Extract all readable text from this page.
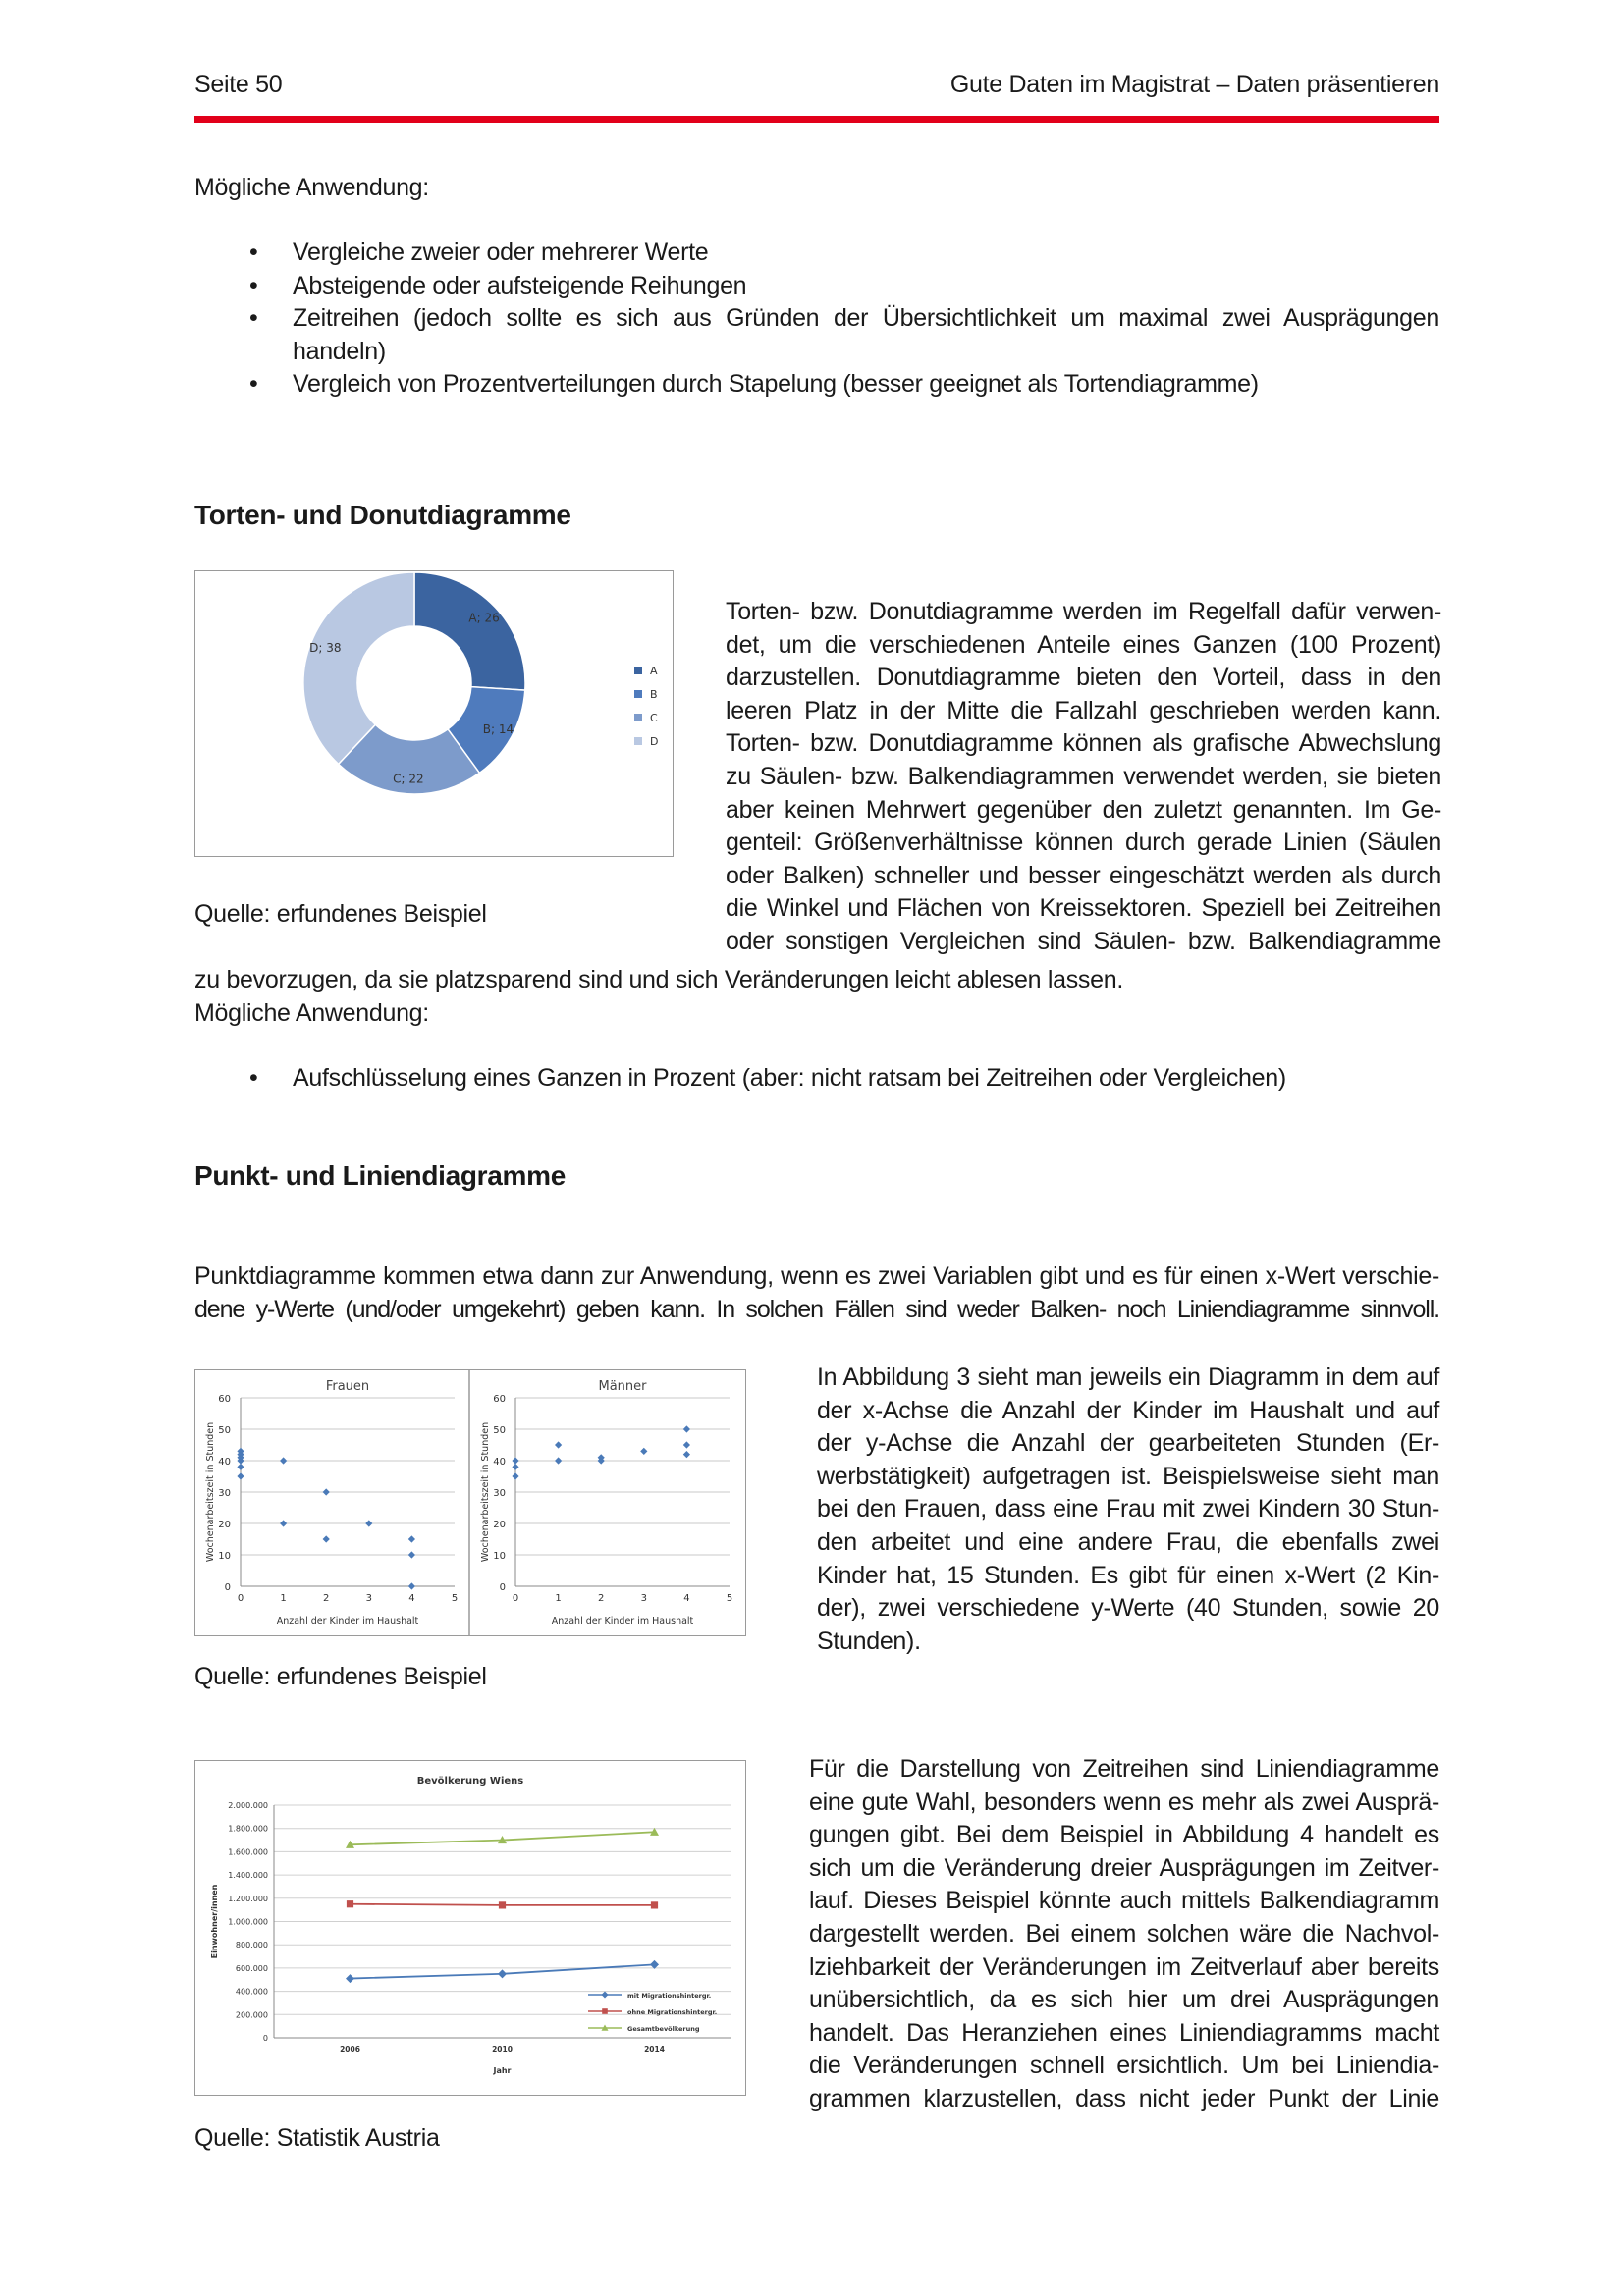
Seite 50	Gute Daten im Magistrat – Daten präsentieren
Mögliche Anwendung:
• Vergleiche zweier oder mehrerer Werte
• Absteigende oder aufsteigende Reihungen
• Zeitreihen (jedoch sollte es sich aus Gründen der Übersichtlichkeit um maximal zwei Ausprägungen handeln)
• Vergleich von Prozentverteilungen durch Stapelung (besser geeignet als Tortendiagramme)
Torten- und Donutdiagramme
A; 26
B; 14
C; 22
D; 38
A
B
C
D
Quelle: erfundenes Beispiel
Torten- bzw. Donutdiagramme werden im Regelfall dafür verwen-
det, um die verschiedenen Anteile eines Ganzen (100 Prozent)
darzustellen. Donutdiagramme bieten den Vorteil, dass in den
leeren Platz in der Mitte die Fallzahl geschrieben werden kann.
Torten- bzw. Donutdiagramme können als grafische Abwechslung
zu Säulen- bzw. Balkendiagrammen verwendet werden, sie bieten
aber keinen Mehrwert gegenüber den zuletzt genannten. Im Ge-
genteil: Größenverhältnisse können durch gerade Linien (Säulen
oder Balken) schneller und besser eingeschätzt werden als durch
die Winkel und Flächen von Kreissektoren. Speziell bei Zeitreihen
oder sonstigen Vergleichen sind Säulen- bzw. Balkendiagramme
zu bevorzugen, da sie platzsparend sind und sich Veränderungen leicht ablesen lassen.
Mögliche Anwendung:
• Aufschlüsselung eines Ganzen in Prozent (aber: nicht ratsam bei Zeitreihen oder Vergleichen)
Punkt- und Liniendiagramme
Punktdiagramme kommen etwa dann zur Anwendung, wenn es zwei Variablen gibt und es für einen x-Wert verschie-
dene y-Werte (und/oder umgekehrt) geben kann. In solchen Fällen sind weder Balken- noch Liniendiagramme sinnvoll.
Frauen
0
10
20
30
40
50
60
0	1	2	3	4	5
Anzahl der Kinder im Haushalt
Wochenarbeitszeit in Stunden
Männer
0
10
20
30
40
50
60
0	1	2	3	4	5
Anzahl der Kinder im Haushalt
Wochenarbeitszeit in Stunden
Quelle: erfundenes Beispiel
In Abbildung 3 sieht man jeweils ein Diagramm in dem auf
der x-Achse die Anzahl der Kinder im Haushalt und auf
der y-Achse die Anzahl der gearbeiteten Stunden (Er-
werbstätigkeit) aufgetragen ist. Beispielsweise sieht man
bei den Frauen, dass eine Frau mit zwei Kindern 30 Stun-
den arbeitet und eine andere Frau, die ebenfalls zwei
Kinder hat, 15 Stunden. Es gibt für einen x-Wert (2 Kin-
der), zwei verschiedene y-Werte (40 Stunden, sowie 20
Stunden).
Bevölkerung Wiens
0
200.000
400.000
600.000
800.000
1.000.000
1.200.000
1.400.000
1.600.000
1.800.000
2.000.000
2006	2010	2014
Jahr
Einwohner/innen
mit Migrationshintergr.
ohne Migrationshintergr.
Gesamtbevölkerung
Quelle: Statistik Austria
Für die Darstellung von Zeitreihen sind Liniendiagramme
eine gute Wahl, besonders wenn es mehr als zwei Ausprä-
gungen gibt. Bei dem Beispiel in Abbildung 4 handelt es
sich um die Veränderung dreier Ausprägungen im Zeitver-
lauf. Dieses Beispiel könnte auch mittels Balkendiagramm
dargestellt werden. Bei einem solchen wäre die Nachvol-
lziehbarkeit der Veränderungen im Zeitverlauf aber bereits
unübersichtlich, da es sich hier um drei Ausprägungen
handelt. Das Heranziehen eines Liniendiagramms macht
die Veränderungen schnell ersichtlich. Um bei Liniendia-
grammen klarzustellen, dass nicht jeder Punkt der Linie
